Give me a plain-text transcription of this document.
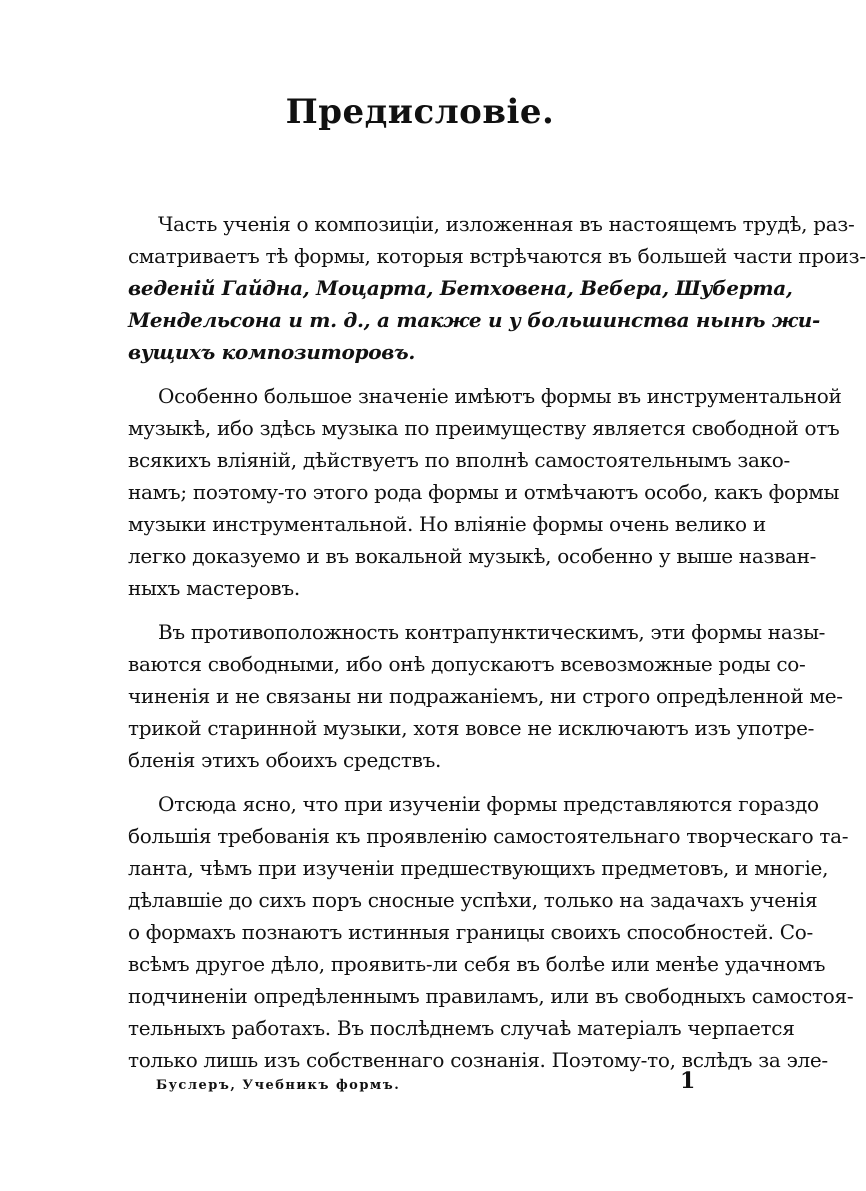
Предисловіе.
Часть ученія о композиціи, изложенная въ настоящемъ трудѣ, раз-
сматриваетъ тѣ формы, которыя встрѣчаются въ большей части произ-
веденій Гайдна, Моцарта, Бетховена, Вебера, Шуберта,
Мендельсона и т. д., а также и у большинства нынѣ жи-
вущихъ композиторовъ.
Особенно большое значеніе имѣютъ формы въ инструментальной
музыкѣ, ибо здѣсь музыка по преимуществу является свободной отъ
всякихъ вліяній, дѣйствуетъ по вполнѣ самостоятельнымъ зако-
намъ; поэтому-то этого рода формы и отмѣчаютъ особо, какъ формы
музыки инструментальной. Но вліяніе формы очень велико и
легко доказуемо и въ вокальной музыкѣ, особенно у выше назван-
ныхъ мастеровъ.
Въ противоположность контрапунктическимъ, эти формы назы-
ваются свободными, ибо онѣ допускаютъ всевозможные роды со-
чиненія и не связаны ни подражаніемъ, ни строго опредѣленной ме-
трикой старинной музыки, хотя вовсе не исключаютъ изъ употре-
бленія этихъ обоихъ средствъ.
Отсюда ясно, что при изученіи формы представляются гораздо
большія требованія къ проявленію самостоятельнаго творческаго та-
ланта, чѣмъ при изученіи предшествующихъ предметовъ, и многіе,
дѣлавшіе до сихъ поръ сносные успѣхи, только на задачахъ ученія
о формахъ познаютъ истинныя границы своихъ способностей. Со-
всѣмъ другое дѣло, проявить-ли себя въ болѣе или менѣе удачномъ
подчиненіи опредѣленнымъ правиламъ, или въ свободныхъ самостоя-
тельныхъ работахъ. Въ послѣднемъ случаѣ матеріалъ черпается
только лишь изъ собственнаго сознанія. Поэтому-то, вслѣдъ за эле-
Буслеръ, Учебникъ формъ.	1
